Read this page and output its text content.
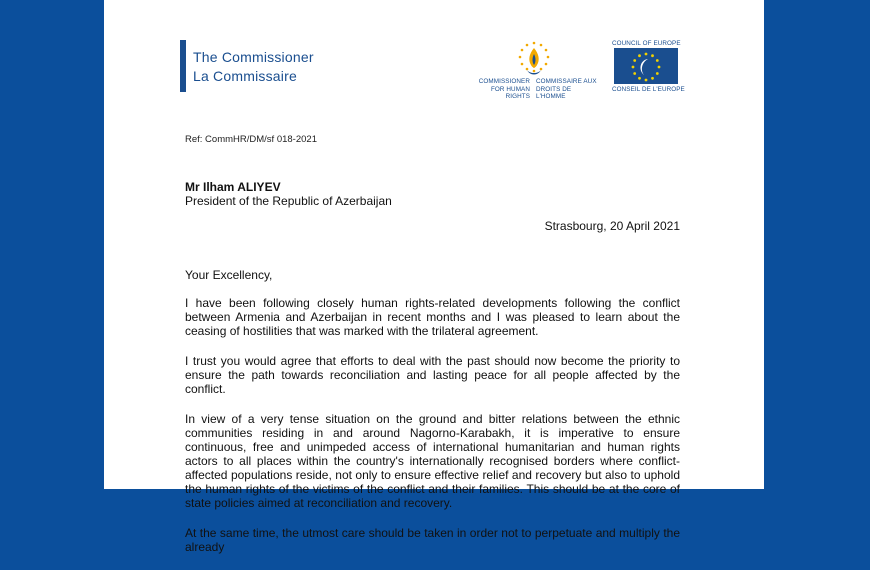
The Commissioner
La Commissaire	COMMISSIONER
FOR HUMAN RIGHTS
COMMISSAIRE AUX
DROITS DE L'HOMME
COUNCIL OF EUROPE
CONSEIL DE L'EUROPE
Ref: CommHR/DM/sf 018-2021
Mr Ilham ALIYEV
President of the Republic of Azerbaijan
Strasbourg, 20 April 2021

Your Excellency,

I have been following closely human rights-related developments following the conflict between Armenia and Azerbaijan in recent months and I was pleased to learn about the ceasing of hostilities that was marked with the trilateral agreement.

I trust you would agree that efforts to deal with the past should now become the priority to ensure the path towards reconciliation and lasting peace for all people affected by the conflict.

In view of a very tense situation on the ground and bitter relations between the ethnic communities residing in and around Nagorno-Karabakh, it is imperative to ensure continuous, free and unimpeded access of international humanitarian and human rights actors to all places within the country's internationally recognised borders where conflict-affected populations reside, not only to ensure effective relief and recovery but also to uphold the human rights of the victims of the conflict and their families. This should be at the core of state policies aimed at reconciliation and recovery.

At the same time, the utmost care should be taken in order not to perpetuate and multiply the already
